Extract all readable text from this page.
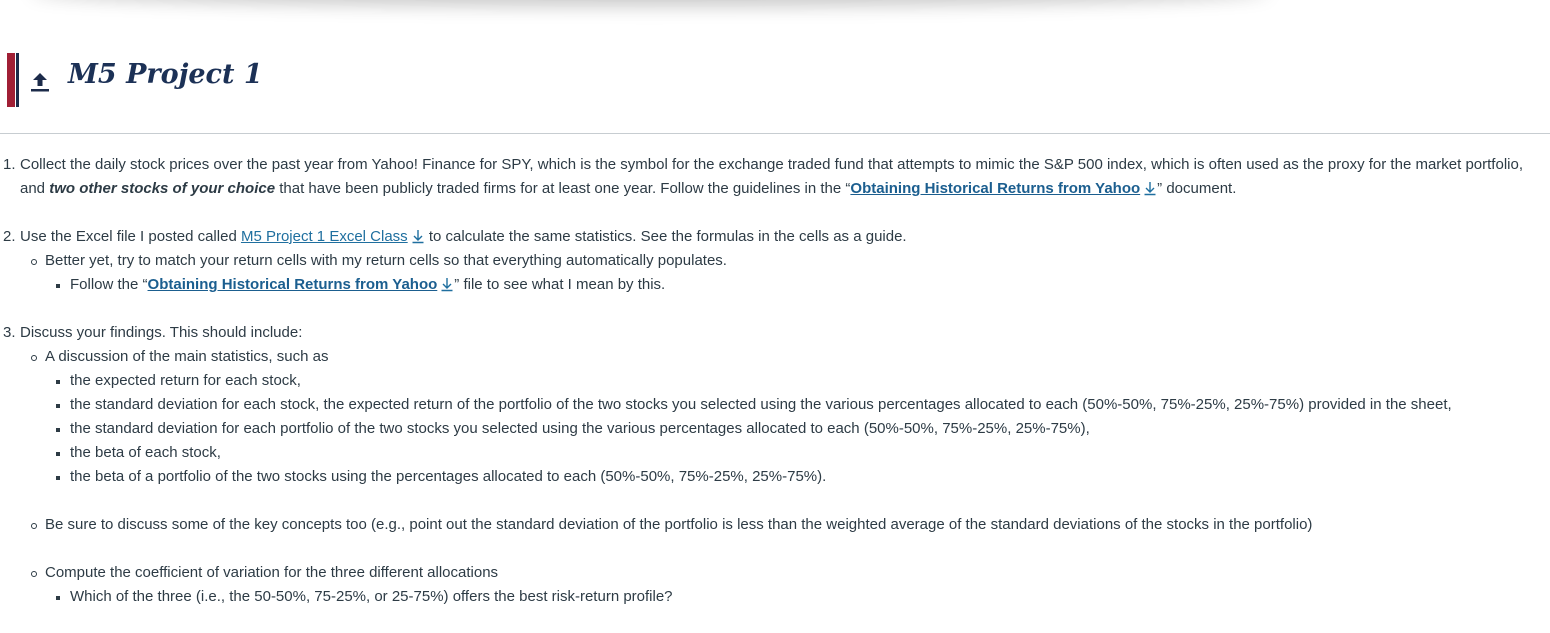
M5 Project 1
1. Collect the daily stock prices over the past year from Yahoo! Finance for SPY, which is the symbol for the exchange traded fund that attempts to mimic the S&P 500 index, which is often used as the proxy for the market portfolio, and two other stocks of your choice that have been publicly traded firms for at least one year. Follow the guidelines in the “Obtaining Historical Returns from Yahoo ” document.
2. Use the Excel file I posted called M5 Project 1 Excel Class to calculate the same statistics. See the formulas in the cells as a guide.
Better yet, try to match your return cells with my return cells so that everything automatically populates.
Follow the “Obtaining Historical Returns from Yahoo ” file to see what I mean by this.
3. Discuss your findings. This should include:
A discussion of the main statistics, such as
the expected return for each stock,
the standard deviation for each stock, the expected return of the portfolio of the two stocks you selected using the various percentages allocated to each (50%-50%, 75%-25%, 25%-75%) provided in the sheet,
the standard deviation for each portfolio of the two stocks you selected using the various percentages allocated to each (50%-50%, 75%-25%, 25%-75%),
the beta of each stock,
the beta of a portfolio of the two stocks using the percentages allocated to each (50%-50%, 75%-25%, 25%-75%).
Be sure to discuss some of the key concepts too (e.g., point out the standard deviation of the portfolio is less than the weighted average of the standard deviations of the stocks in the portfolio)
Compute the coefficient of variation for the three different allocations
Which of the three (i.e., the 50-50%, 75-25%, or 25-75%) offers the best risk-return profile?
